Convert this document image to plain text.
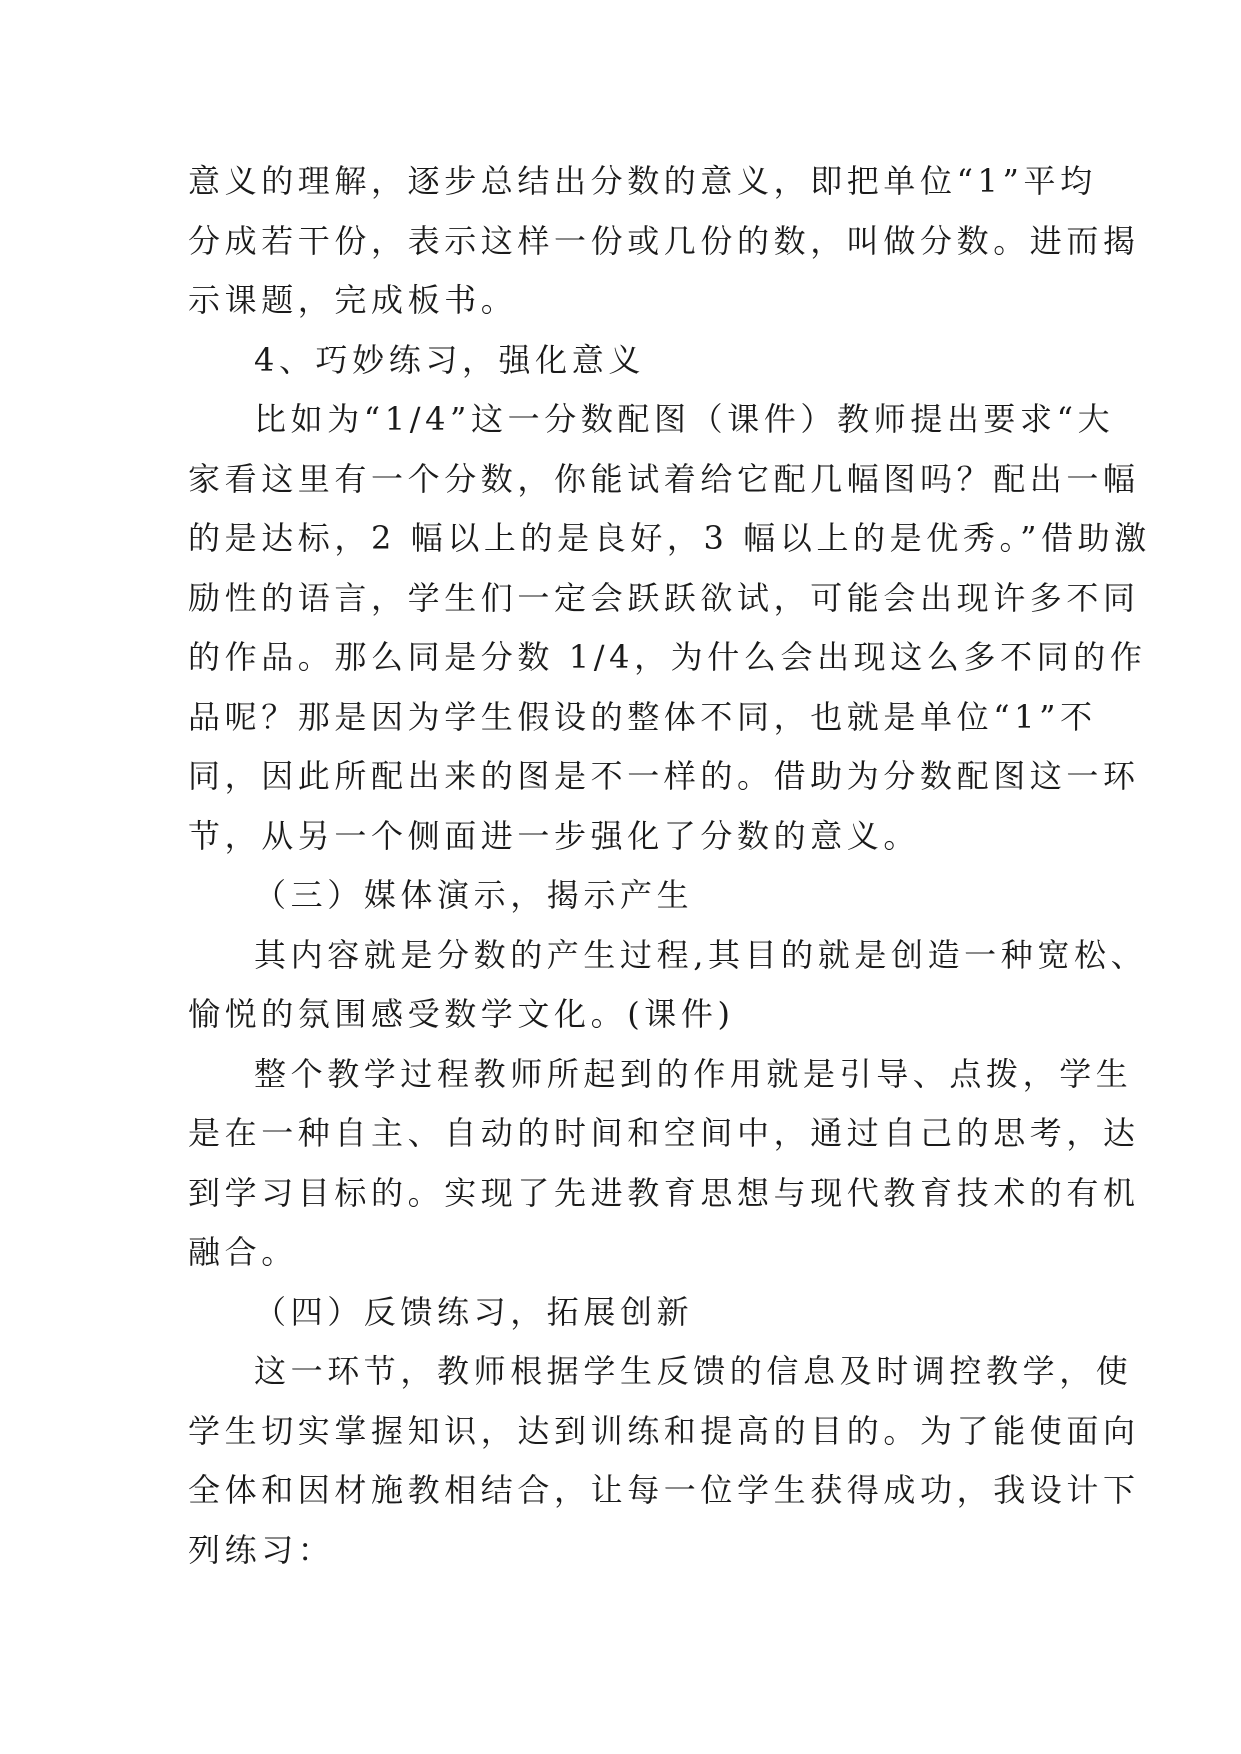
意义的理解，逐步总结出分数的意义，即把单位“1”平均
分成若干份，表示这样一份或几份的数，叫做分数。进而揭
示课题，完成板书。

4、巧妙练习，强化意义

比如为“1/4”这一分数配图（课件）教师提出要求“大
家看这里有一个分数，你能试着给它配几幅图吗？配出一幅
的是达标，2 幅以上的是良好，3 幅以上的是优秀。”借助激
励性的语言，学生们一定会跃跃欲试，可能会出现许多不同
的作品。那么同是分数 1/4，为什么会出现这么多不同的作
品呢？那是因为学生假设的整体不同，也就是单位“1”不
同，因此所配出来的图是不一样的。借助为分数配图这一环
节，从另一个侧面进一步强化了分数的意义。

（三）媒体演示，揭示产生

其内容就是分数的产生过程,其目的就是创造一种宽松、
愉悦的氛围感受数学文化。(课件)

整个教学过程教师所起到的作用就是引导、点拨，学生
是在一种自主、自动的时间和空间中，通过自己的思考，达
到学习目标的。实现了先进教育思想与现代教育技术的有机
融合。

（四）反馈练习，拓展创新

这一环节，教师根据学生反馈的信息及时调控教学，使
学生切实掌握知识，达到训练和提高的目的。为了能使面向
全体和因材施教相结合，让每一位学生获得成功，我设计下
列练习：
